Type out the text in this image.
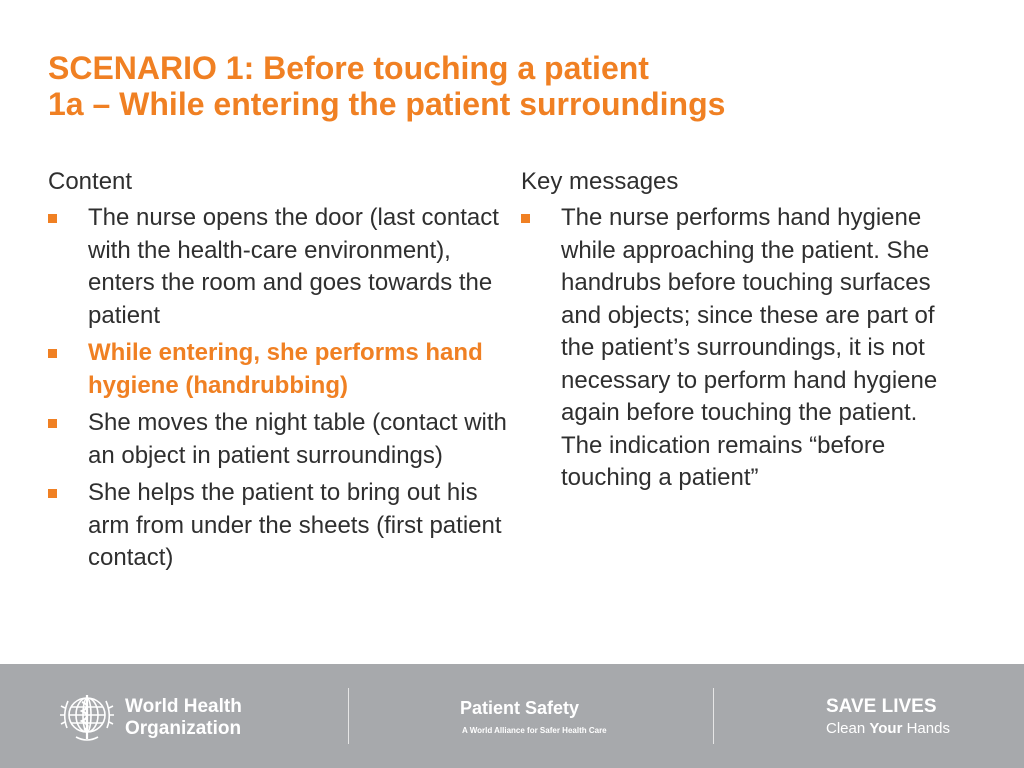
SCENARIO 1: Before touching a patient
1a – While entering the patient surroundings
Content
The nurse opens the door (last contact with the health-care environment), enters the room and goes towards the patient
While entering, she performs hand hygiene (handrubbing)
She moves the night table (contact with an object in patient surroundings)
She helps the patient to bring out his arm from under the sheets (first patient contact)
Key messages
The nurse performs hand hygiene while approaching the patient. She handrubs before touching surfaces and objects; since these are part of the patient’s surroundings, it is not necessary to perform hand hygiene again before touching the patient. The indication remains “before touching a patient”
World Health
Organization
Patient Safety
A World Alliance for Safer Health Care
SAVE LIVES
Clean Your Hands
